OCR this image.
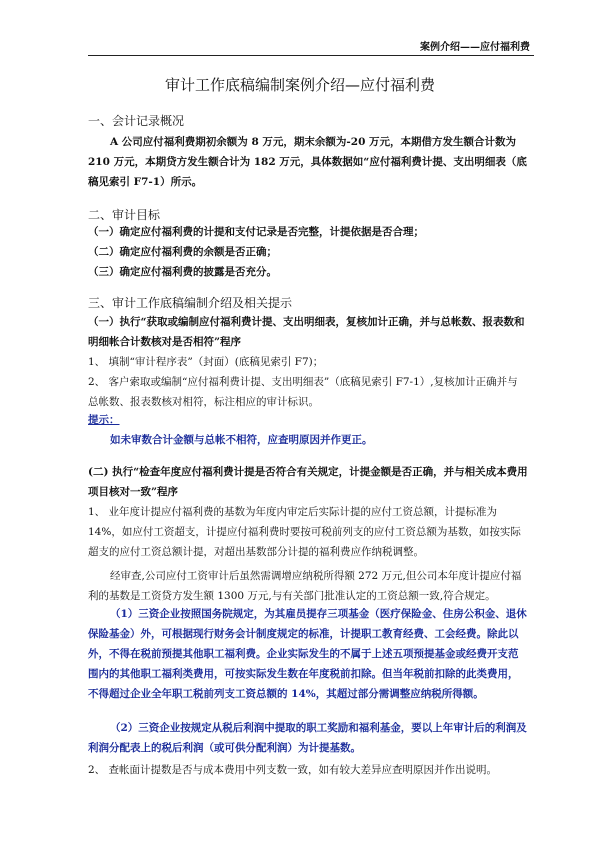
案例介绍——应付福利费
审计工作底稿编制案例介绍—应付福利费
一、会计记录概况
A 公司应付福利费期初余额为 8 万元，期末余额为-20 万元，本期借方发生额合计数为 210 万元，本期贷方发生额合计为 182 万元，具体数据如“应付福利费计提、支出明细表（底稿见索引 F7-1）所示。
二、审计目标
（一）确定应付福利费的计提和支付记录是否完整，计提依据是否合理；
（二）确定应付福利费的余额是否正确；
（三）确定应付福利费的披露是否充分。
三、审计工作底稿编制介绍及相关提示
（一）执行“获取或编制应付福利费计提、支出明细表，复核加计正确，并与总帐数、报表数和明细帐合计数核对是否相符”程序
1、 填制“审计程序表”（封面）(底稿见索引 F7)；
2、 客户索取或编制“应付福利费计提、支出明细表”（底稿见索引 F7-1）,复核加计正确并与总帐数、报表数核对相符，标注相应的审计标识。
提示：
如未审数合计金额与总帐不相符，应查明原因并作更正。
(二) 执行“检查年度应付福利费计提是否符合有关规定，计提金额是否正确，并与相关成本费用项目核对一致”程序
1、 业年度计提应付福利费的基数为年度内审定后实际计提的应付工资总额，计提标准为 14%，如应付工资超支，计提应付福利费时要按可税前列支的应付工资总额为基数，如按实际超支的应付工资总额计提，对超出基数部分计提的福利费应作纳税调整。
经审查,公司应付工资审计后虽然需调增应纳税所得额 272 万元,但公司本年度计提应付福利的基数是工资贷方发生额 1300 万元,与有关部门批准认定的工资总额一致,符合规定。
（1）三资企业按照国务院规定，为其雇员提存三项基金（医疗保险金、住房公积金、退休保险基金）外，可根据现行财务会计制度规定的标准，计提职工教育经费、工会经费。除此以外，不得在税前预提其他职工福利费。企业实际发生的不属于上述五项预提基金或经费开支范围内的其他职工福利类费用，可按实际发生数在年度税前扣除。但当年税前扣除的此类费用，不得超过企业全年职工税前列支工资总额的 14%，其超过部分需调整应纳税所得额。
（2）三资企业按规定从税后利润中提取的职工奖励和福利基金，要以上年审计后的利润及利润分配表上的税后利润（或可供分配利润）为计提基数。
2、 查帐面计提数是否与成本费用中列支数一致，如有较大差异应查明原因并作出说明。
